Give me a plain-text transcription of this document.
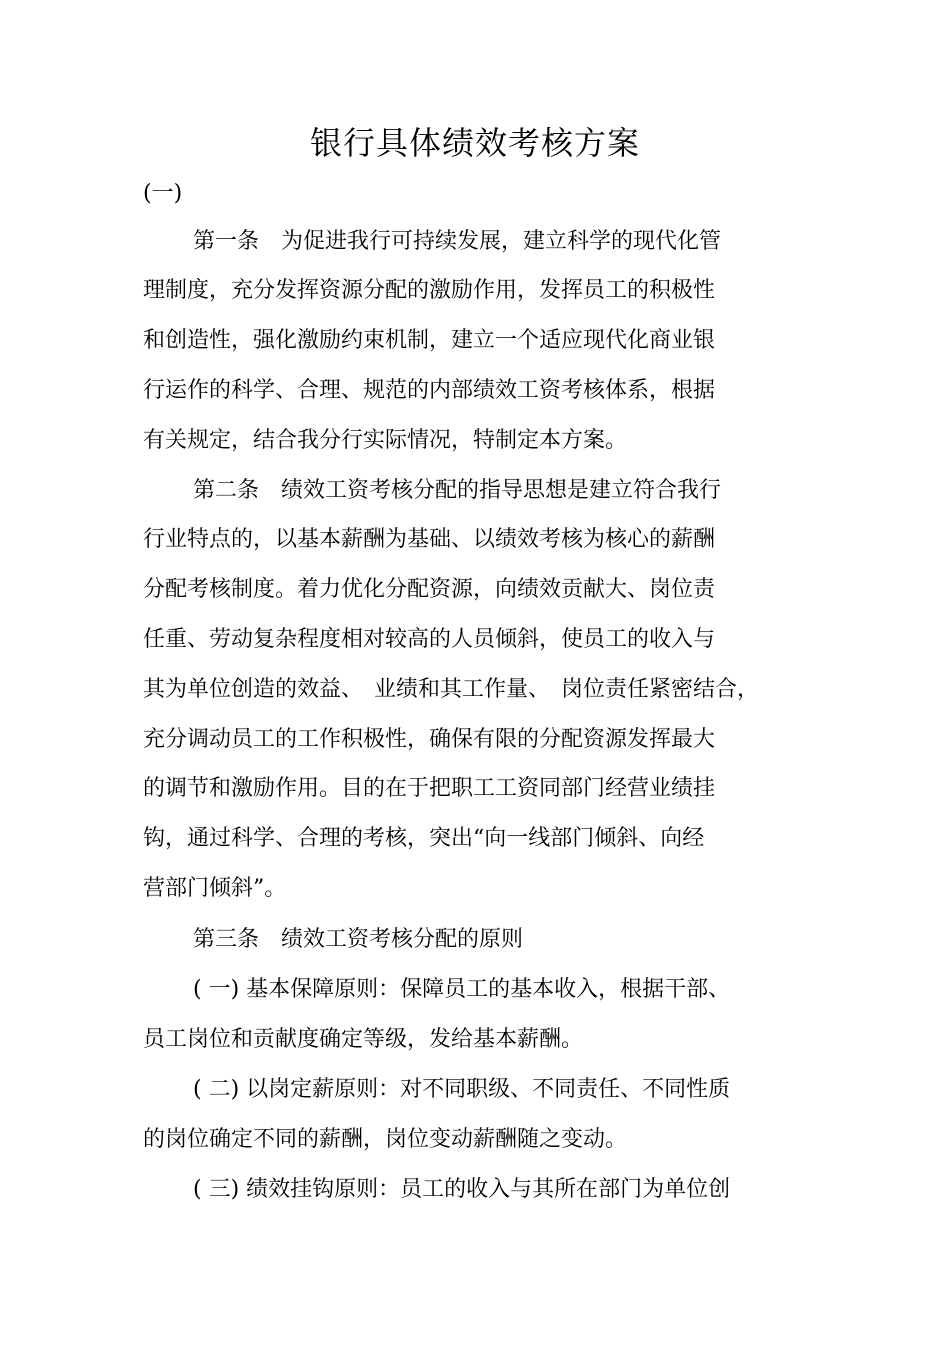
银行具体绩效考核方案

(一)

第一条　为促进我行可持续发展，建立科学的现代化管

理制度，充分发挥资源分配的激励作用，发挥员工的积极性

和创造性，强化激励约束机制，建立一个适应现代化商业银

行运作的科学、合理、规范的内部绩效工资考核体系，根据

有关规定，结合我分行实际情况，特制定本方案。

第二条　绩效工资考核分配的指导思想是建立符合我行

行业特点的，以基本薪酬为基础、以绩效考核为核心的薪酬

分配考核制度。着力优化分配资源，向绩效贡献大、岗位责

任重、劳动复杂程度相对较高的人员倾斜，使员工的收入与

其为单位创造的效益、　业绩和其工作量、　岗位责任紧密结合，

充分调动员工的工作积极性，确保有限的分配资源发挥最大

的调节和激励作用。目的在于把职工工资同部门经营业绩挂

钩，通过科学、合理的考核，突出“向一线部门倾斜、向经

营部门倾斜”。

第三条　绩效工资考核分配的原则

( 一) 基本保障原则：保障员工的基本收入，根据干部、

员工岗位和贡献度确定等级，发给基本薪酬。

( 二) 以岗定薪原则：对不同职级、不同责任、不同性质

的岗位确定不同的薪酬，岗位变动薪酬随之变动。

( 三) 绩效挂钩原则：员工的收入与其所在部门为单位创
